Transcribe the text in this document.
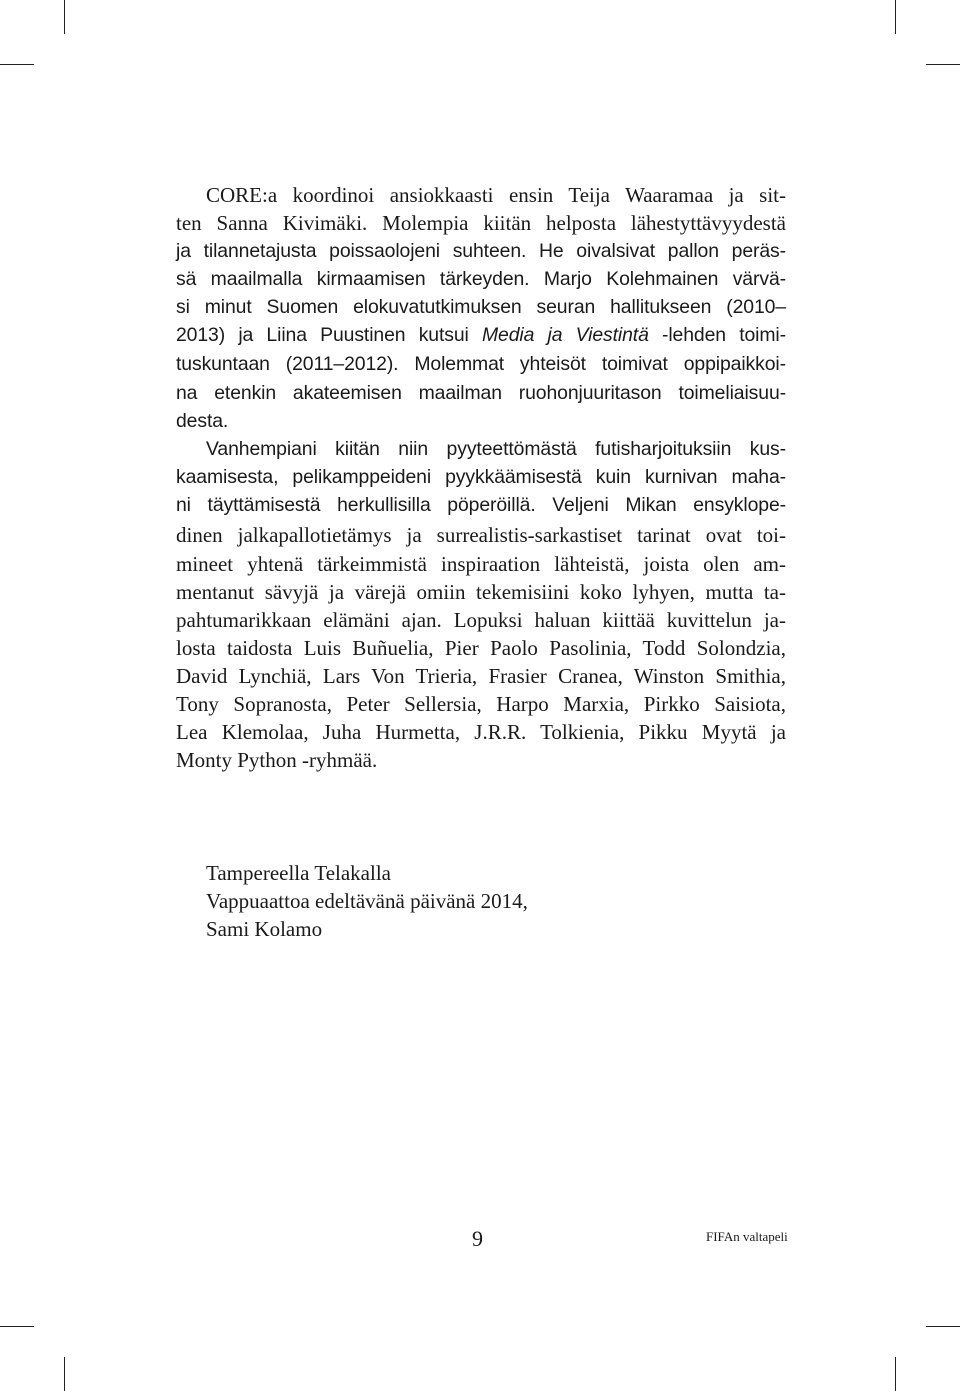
CORE:a koordinoi ansiokkaasti ensin Teija Waaramaa ja sit-
ten Sanna Kivimäki. Molempia kiitän helposta lähestyttävyydestä
ja tilannetajusta poissaolojeni suhteen. He oivalsivat pallon peräs-
sä maailmalla kirmaamisen tärkeyden. Marjo Kolehmainen värvä-
si minut Suomen elokuvatutkimuksen seuran hallitukseen (2010–
2013) ja Liina Puustinen kutsui Media ja Viestintä -lehden toimi-
tuskuntaan (2011–2012). Molemmat yhteisöt toimivat oppipaikkoi-
na etenkin akateemisen maailman ruohonjuuritason toimeliaisuu-
desta.
Vanhempiani kiitän niin pyyteettömästä futisharjoituksiin kus-
kaamisesta, pelikamppeideni pyykkäämisestä kuin kurnivan maha-
ni täyttämisestä herkullisilla pöperöillä. Veljeni Mikan ensyklope-
dinen jalkapallotietämys ja surrealistis-sarkastiset tarinat ovat toi-
mineet yhtenä tärkeimmistä inspiraation lähteistä, joista olen am-
mentanut sävyjä ja värejä omiin tekemisiini koko lyhyen, mutta ta-
pahtumarikkaan elämäni ajan. Lopuksi haluan kiittää kuvittelun ja-
losta taidosta Luis Buñuelia, Pier Paolo Pasolinia, Todd Solondzia,
David Lynchiä, Lars Von Trieria, Frasier Cranea, Winston Smithia,
Tony Sopranosta, Peter Sellersia, Harpo Marxia, Pirkko Saisiota,
Lea Klemolaa, Juha Hurmetta, J.R.R. Tolkienia, Pikku Myytä ja
Monty Python -ryhmää.
Tampereella Telakalla
Vappuaattoa edeltävänä päivänä 2014,
Sami Kolamo
9	FIFAn valtapeli
